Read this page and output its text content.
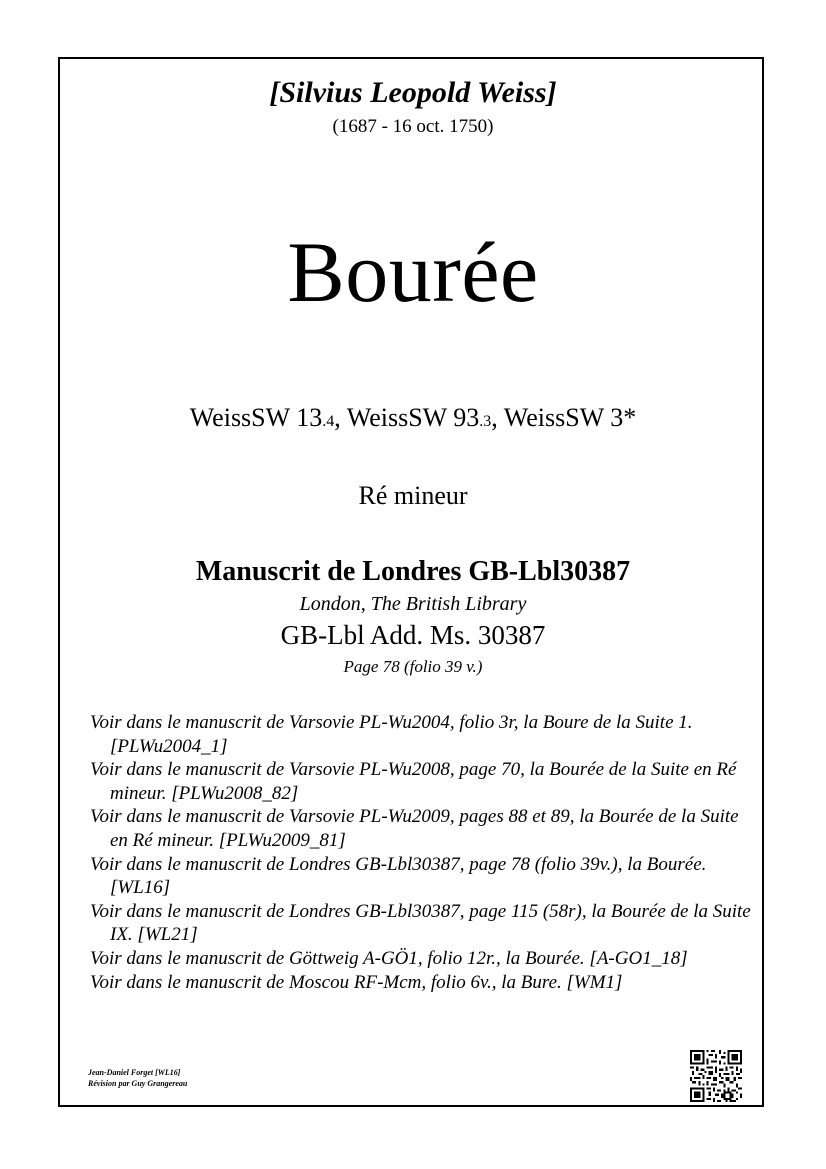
[Silvius Leopold Weiss]
(1687 - 16 oct. 1750)
Bourée
WeissSW 13.4, WeissSW 93.3, WeissSW 3*
Ré mineur
Manuscrit de Londres GB-Lbl30387
London, The British Library
GB-Lbl Add. Ms. 30387
Page 78 (folio 39 v.)
Voir dans le manuscrit de Varsovie PL-Wu2004, folio 3r, la Boure de la Suite 1. [PLWu2004_1]
Voir dans le manuscrit de Varsovie PL-Wu2008, page 70, la Bourée de la Suite en Ré mineur. [PLWu2008_82]
Voir dans le manuscrit de Varsovie PL-Wu2009, pages 88 et 89, la Bourée de la Suite en Ré mineur. [PLWu2009_81]
Voir dans le manuscrit de Londres GB-Lbl30387, page 78 (folio 39v.), la Bourée. [WL16]
Voir dans le manuscrit de Londres GB-Lbl30387, page 115 (58r), la Bourée de la Suite IX. [WL21]
Voir dans le manuscrit de Göttweig A-GÖ1, folio 12r., la Bourée. [A-GO1_18]
Voir dans le manuscrit de Moscou RF-Mcm, folio 6v., la Bure. [WM1]
Jean-Daniel Forget [WL16]
Révision par Guy Grangereau
